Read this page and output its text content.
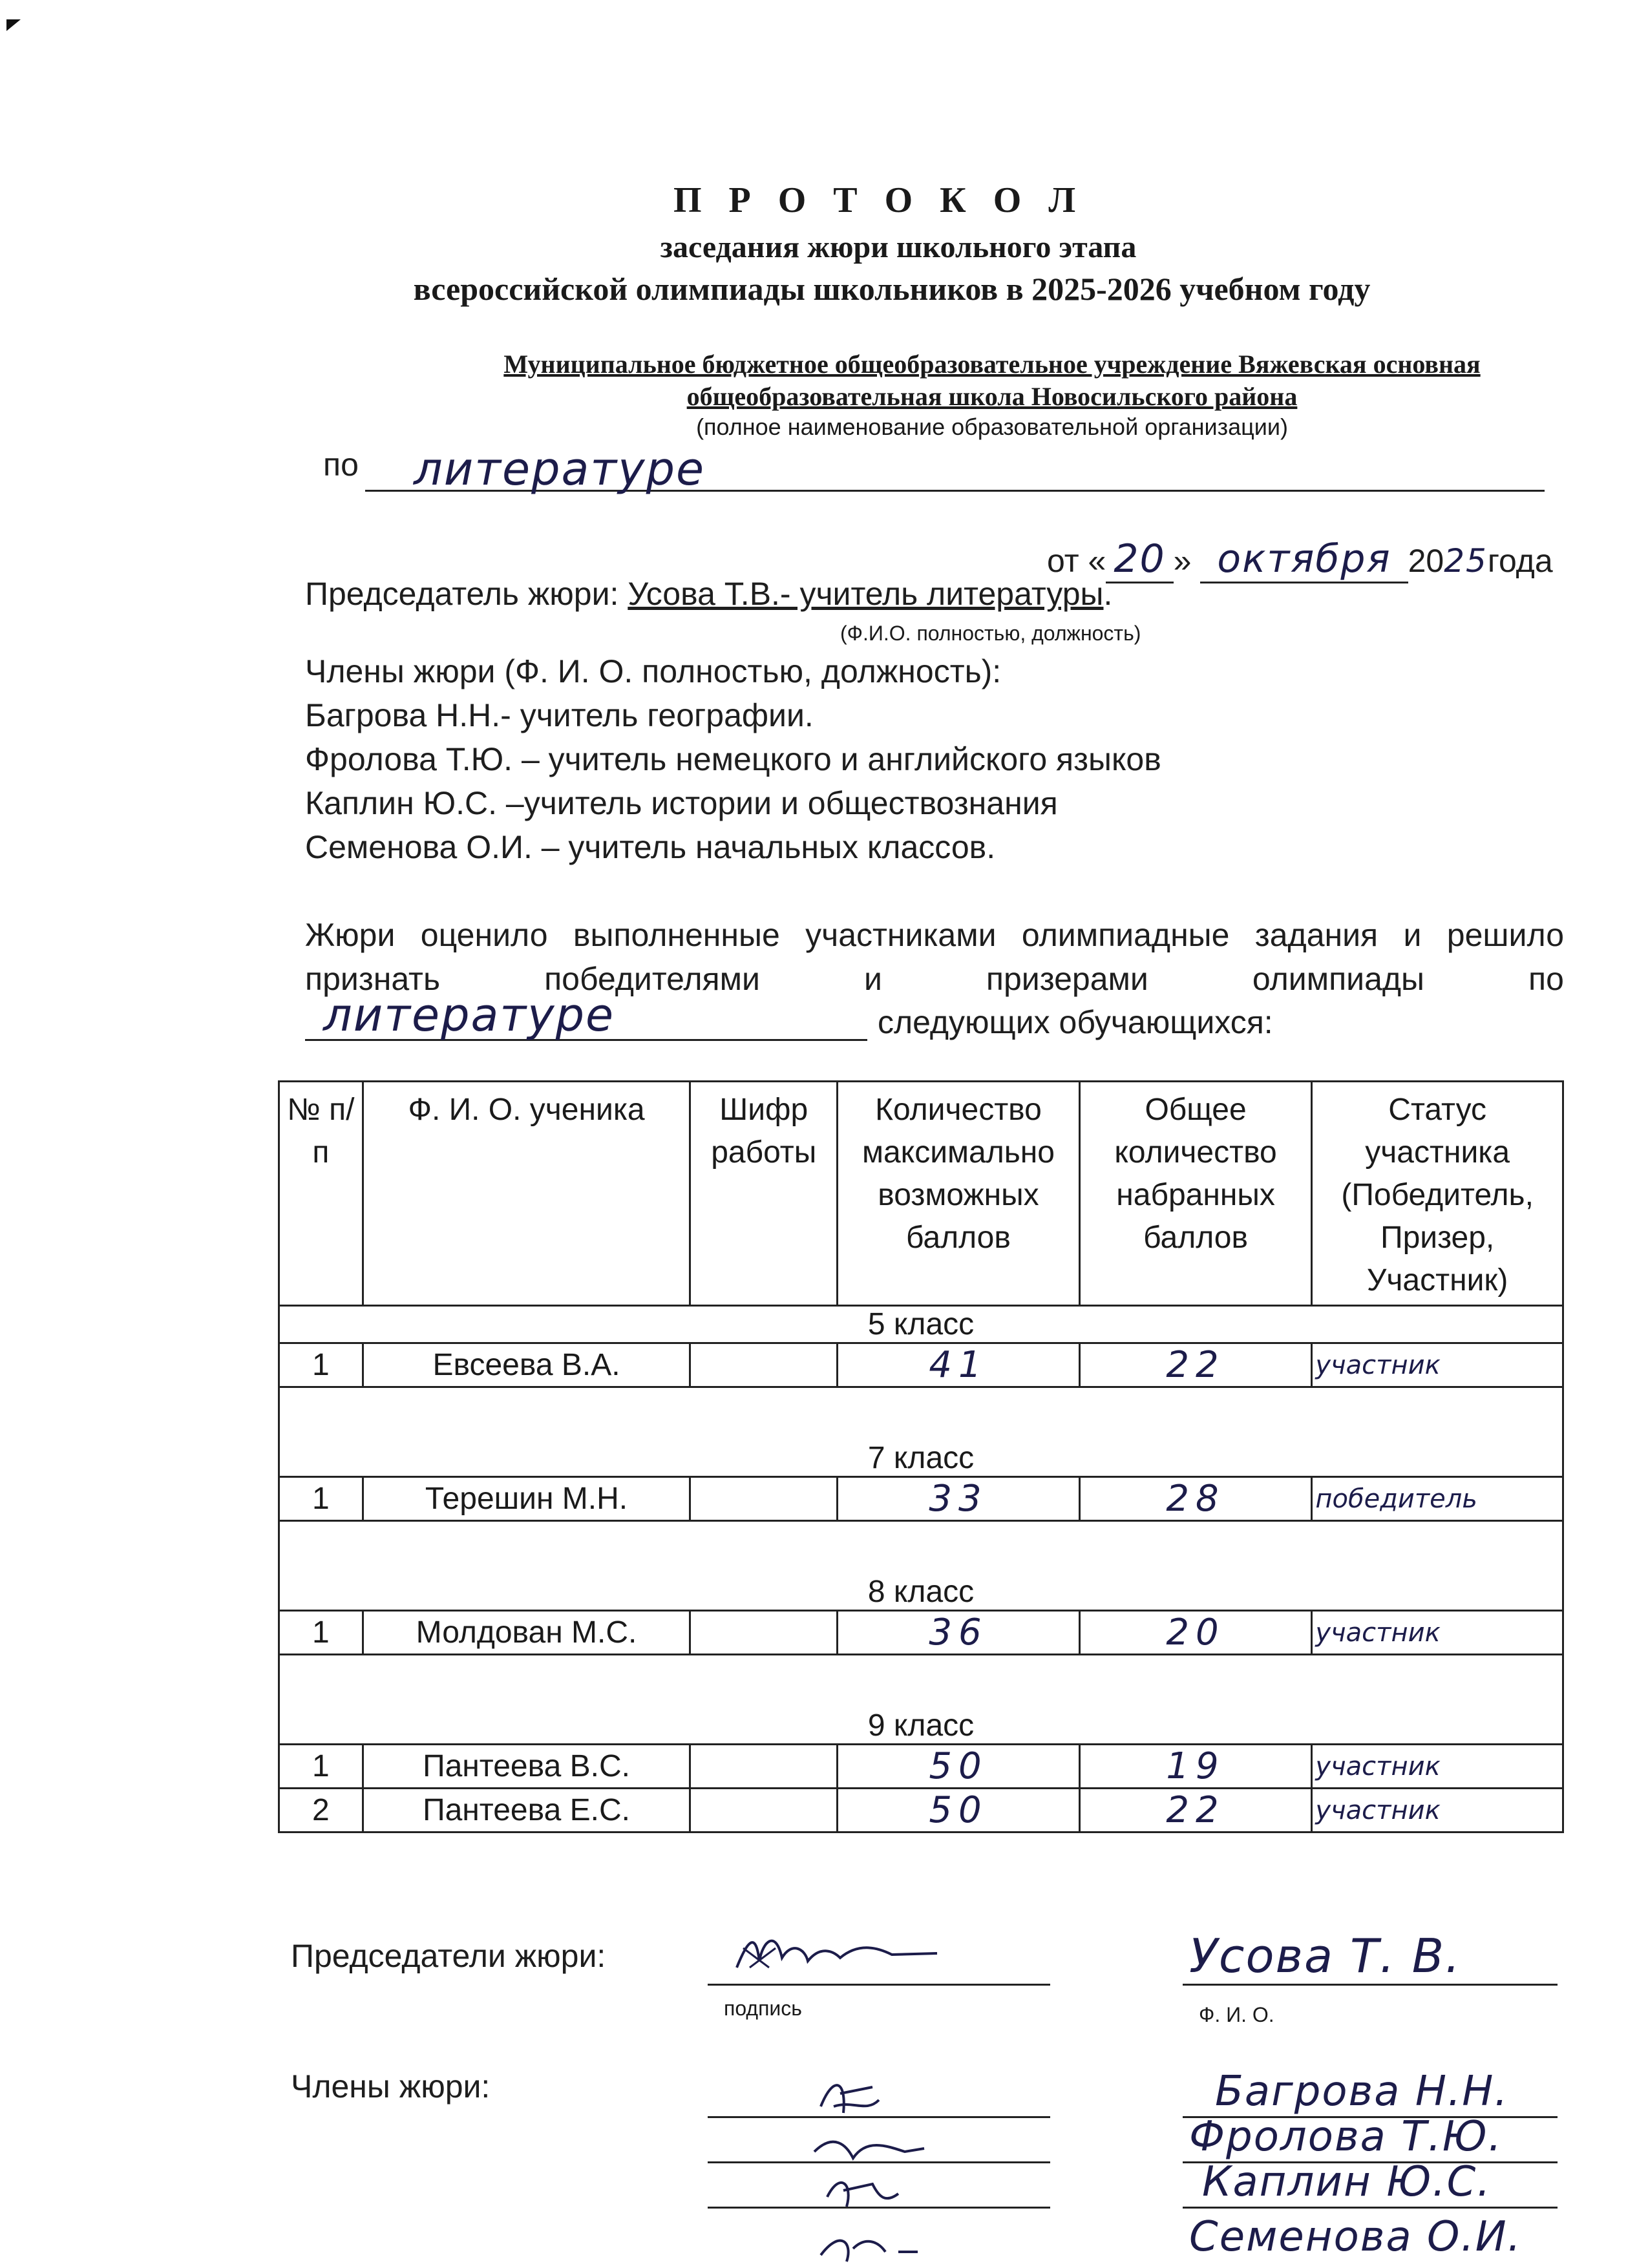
П Р О Т О К О Л
заседания жюри школьного этапа
всероссийской олимпиады школьников в 2025-2026 учебном году
Муниципальное бюджетное общеобразовательное учреждение Вяжевская основная
общеобразовательная школа Новосильского района
(полное наименование образовательной организации)
по литературе
от « 20 » октября 2025года
Председатель жюри: Усова Т.В.- учитель литературы.
(Ф.И.О. полностью, должность)
Члены жюри (Ф. И. О. полностью, должность):
Багрова Н.Н.- учитель географии.
Фролова Т.Ю. – учитель немецкого и английского языков
Каплин Ю.С. –учитель истории и обществознания
Семенова О.И. – учитель начальных классов.
Жюри оценило выполненные участниками олимпиадные задания и решило
признать	победителями	и	призерами	олимпиады	по
литературе	следующих обучающихся:
№ п/п	Ф. И. О. ученика	Шифр работы	Количество максимально возможных баллов	Общее количество набранных баллов	Статус участника (Победитель, Призер, Участник)
5 класс					
1	Евсеева В.А.		41	22	участник
7 класс					
1	Терешин М.Н.		33	28	победитель
8 класс					
1	Молдован М.С.		36	20	участник
9 класс					
1	Пантеева В.С.		50	19	участник
2	Пантеева Е.С.		50	22	участник
Председатели жюри:
подпись
Усова Т. В.
Ф. И. О.
Члены жюри:	Багрова Н.Н.
Фролова Т.Ю.
Каплин Ю.С.
Семенова О.И.
